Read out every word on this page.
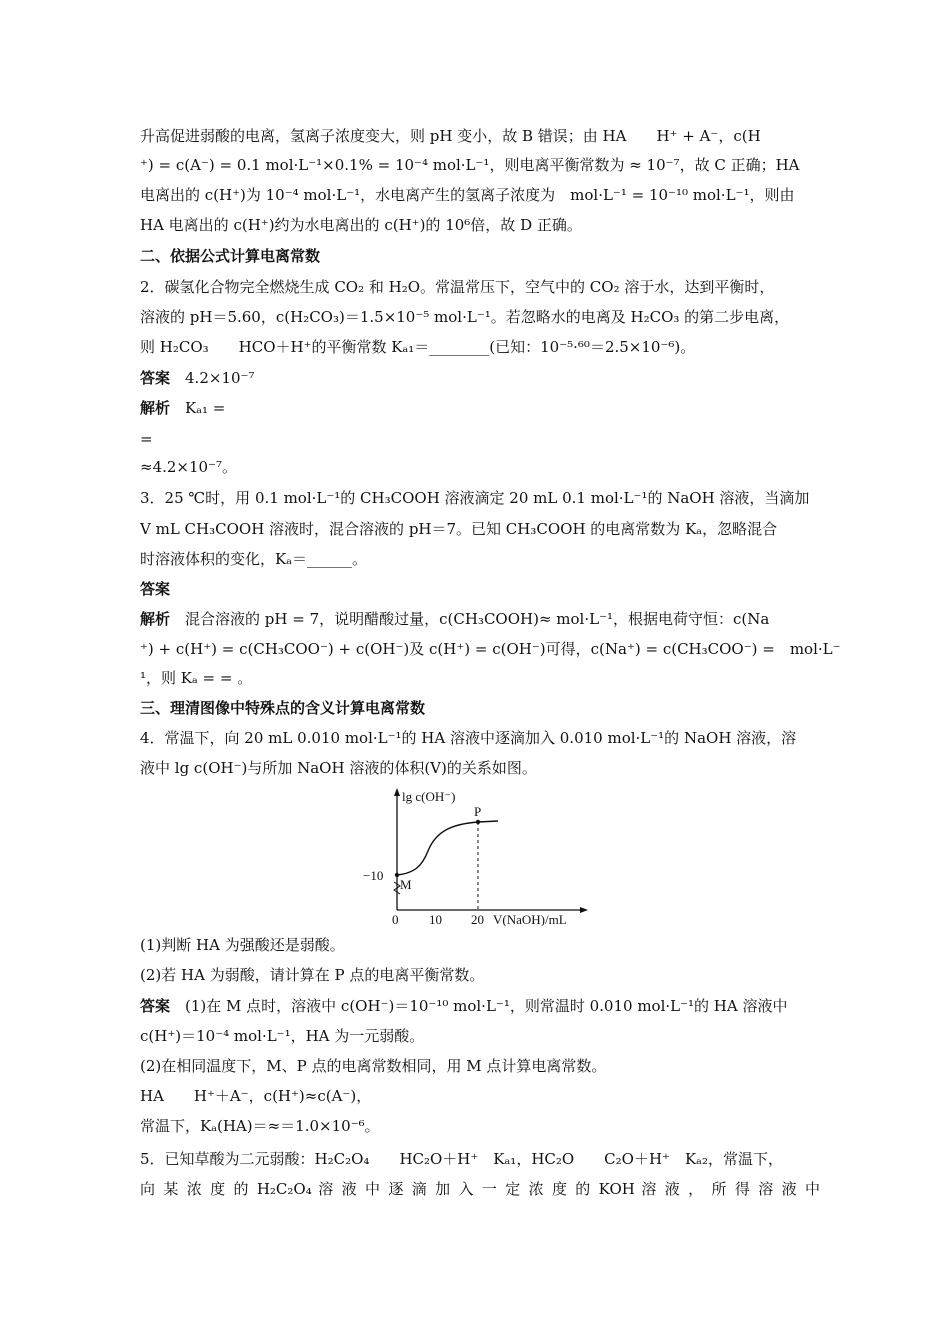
升高促进弱酸的电离，氢离子浓度变大，则 pH 变小，故 B 错误；由 HA　　H⁺ + A⁻，c(H
⁺) = c(A⁻) = 0.1 mol·L⁻¹×0.1% = 10⁻⁴ mol·L⁻¹，则电离平衡常数为 ≈ 10⁻⁷，故 C 正确；HA
电离出的 c(H⁺)为 10⁻⁴ mol·L⁻¹，水电离产生的氢离子浓度为　mol·L⁻¹ = 10⁻¹⁰ mol·L⁻¹，则由
HA 电离出的 c(H⁺)约为水电离出的 c(H⁺)的 10⁶倍，故 D 正确。
二、依据公式计算电离常数
2．碳氢化合物完全燃烧生成 CO₂ 和 H₂O。常温常压下，空气中的 CO₂ 溶于水，达到平衡时，
溶液的 pH＝5.60，c(H₂CO₃)＝1.5×10⁻⁵ mol·L⁻¹。若忽略水的电离及 H₂CO₃ 的第二步电离，
则 H₂CO₃　　HCO＋H⁺的平衡常数 Kₐ₁＝________(已知：10⁻⁵·⁶⁰＝2.5×10⁻⁶)。
答案　4.2×10⁻⁷
解析　Kₐ₁ =
=
≈4.2×10⁻⁷。
3．25 ℃时，用 0.1 mol·L⁻¹的 CH₃COOH 溶液滴定 20 mL 0.1 mol·L⁻¹的 NaOH 溶液，当滴加
V mL CH₃COOH 溶液时，混合溶液的 pH＝7。已知 CH₃COOH 的电离常数为 Kₐ，忽略混合
时溶液体积的变化，Kₐ＝______。
答案
解析　混合溶液的 pH = 7，说明醋酸过量，c(CH₃COOH)≈ mol·L⁻¹，根据电荷守恒：c(Na
⁺) + c(H⁺) = c(CH₃COO⁻) + c(OH⁻)及 c(H⁺) = c(OH⁻)可得，c(Na⁺) = c(CH₃COO⁻) =　mol·L⁻
¹，则 Kₐ = = 。
三、理清图像中特殊点的含义计算电离常数
4．常温下，向 20 mL 0.010 mol·L⁻¹的 HA 溶液中逐滴加入 0.010 mol·L⁻¹的 NaOH 溶液，溶
液中 lg c(OH⁻)与所加 NaOH 溶液的体积(V)的关系如图。
lg c(OH⁻)
−10
P
M
0 10 20 V(NaOH)/mL
(1)判断 HA 为强酸还是弱酸。
(2)若 HA 为弱酸，请计算在 P 点的电离平衡常数。
答案　(1)在 M 点时，溶液中 c(OH⁻)＝10⁻¹⁰ mol·L⁻¹，则常温时 0.010 mol·L⁻¹的 HA 溶液中
c(H⁺)＝10⁻⁴ mol·L⁻¹，HA 为一元弱酸。
(2)在相同温度下，M、P 点的电离常数相同，用 M 点计算电离常数。
HA　　H⁺＋A⁻，c(H⁺)≈c(A⁻)，
常温下，Kₐ(HA)＝≈＝1.0×10⁻⁶。
5．已知草酸为二元弱酸：H₂C₂O₄　　HC₂O＋H⁺　Kₐ₁，HC₂O　　C₂O＋H⁺　Kₐ₂，常温下，
向 某 浓 度 的 H₂C₂O₄ 溶 液 中 逐 滴 加 入 一 定 浓 度 的 KOH 溶 液 ， 所 得 溶 液 中
